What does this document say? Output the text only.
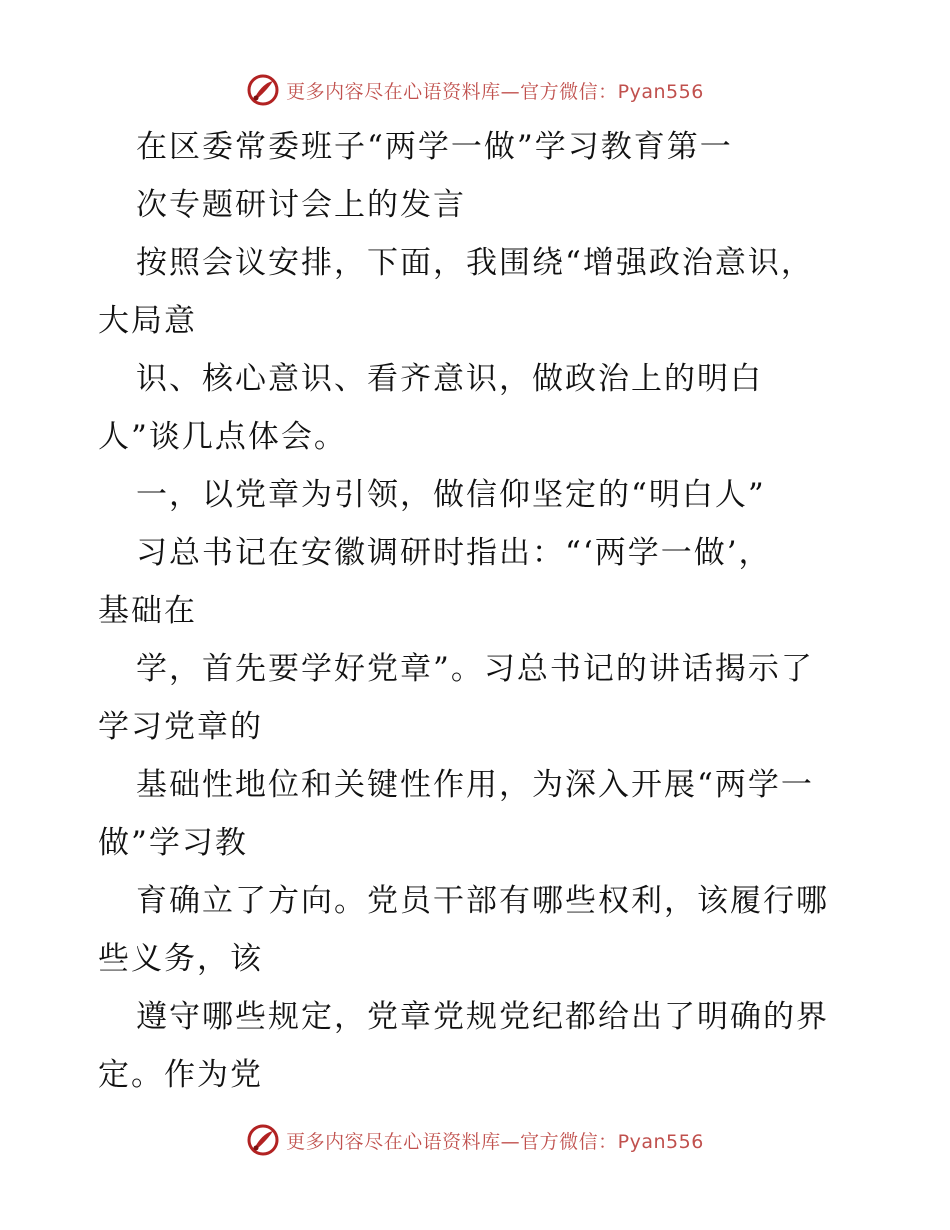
更多内容尽在心语资料库—官方微信：Pyan556

在区委常委班子“两学一做”学习教育第一

次专题研讨会上的发言

按照会议安排，下面，我围绕“增强政治意识，

大局意

识、核心意识、看齐意识，做政治上的明白

人”谈几点体会。

一，以党章为引领，做信仰坚定的“明白人”

习总书记在安徽调研时指出：“‘两学一做’，

基础在

学，首先要学好党章”。习总书记的讲话揭示了

学习党章的

基础性地位和关键性作用，为深入开展“两学一

做”学习教

育确立了方向。党员干部有哪些权利，该履行哪

些义务，该

遵守哪些规定，党章党规党纪都给出了明确的界

定。作为党

更多内容尽在心语资料库—官方微信：Pyan556
